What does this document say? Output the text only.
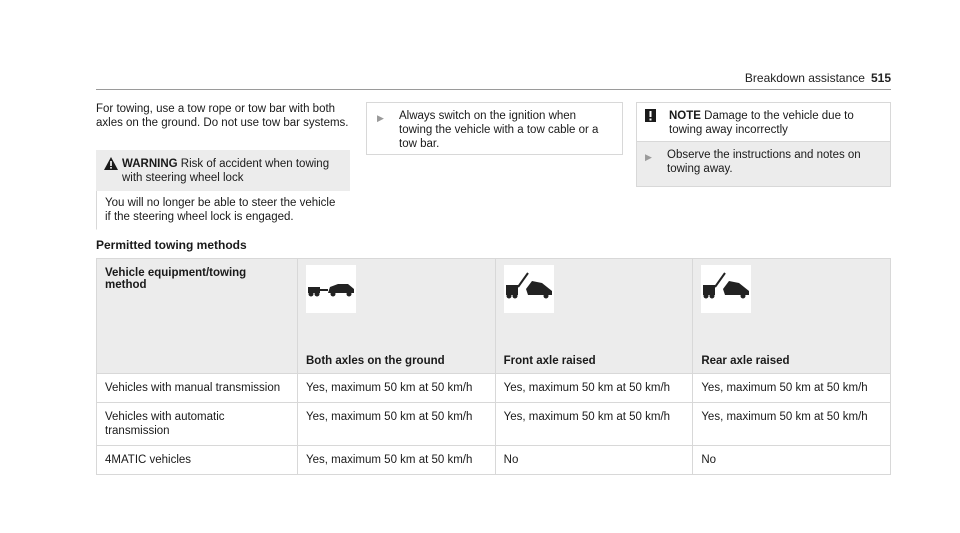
Breakdown assistance 515
For towing, use a tow rope or tow bar with both axles on the ground. Do not use tow bar systems.
WARNING Risk of accident when towing with steering wheel lock
You will no longer be able to steer the vehicle if the steering wheel lock is engaged.
▶	Always switch on the ignition when towing the vehicle with a tow cable or a tow bar.
NOTE Damage to the vehicle due to towing away incorrectly
▶	Observe the instructions and notes on towing away.
Permitted towing methods
Vehicle equipment/towing method	Both axles on the ground	Front axle raised	Rear axle raised

Vehicles with manual transmission	Yes, maximum 50 km at 50 km/h	Yes, maximum 50 km at 50 km/h	Yes, maximum 50 km at 50 km/h
Vehicles with automatic transmission	Yes, maximum 50 km at 50 km/h	Yes, maximum 50 km at 50 km/h	Yes, maximum 50 km at 50 km/h
4MATIC vehicles	Yes, maximum 50 km at 50 km/h	No	No
